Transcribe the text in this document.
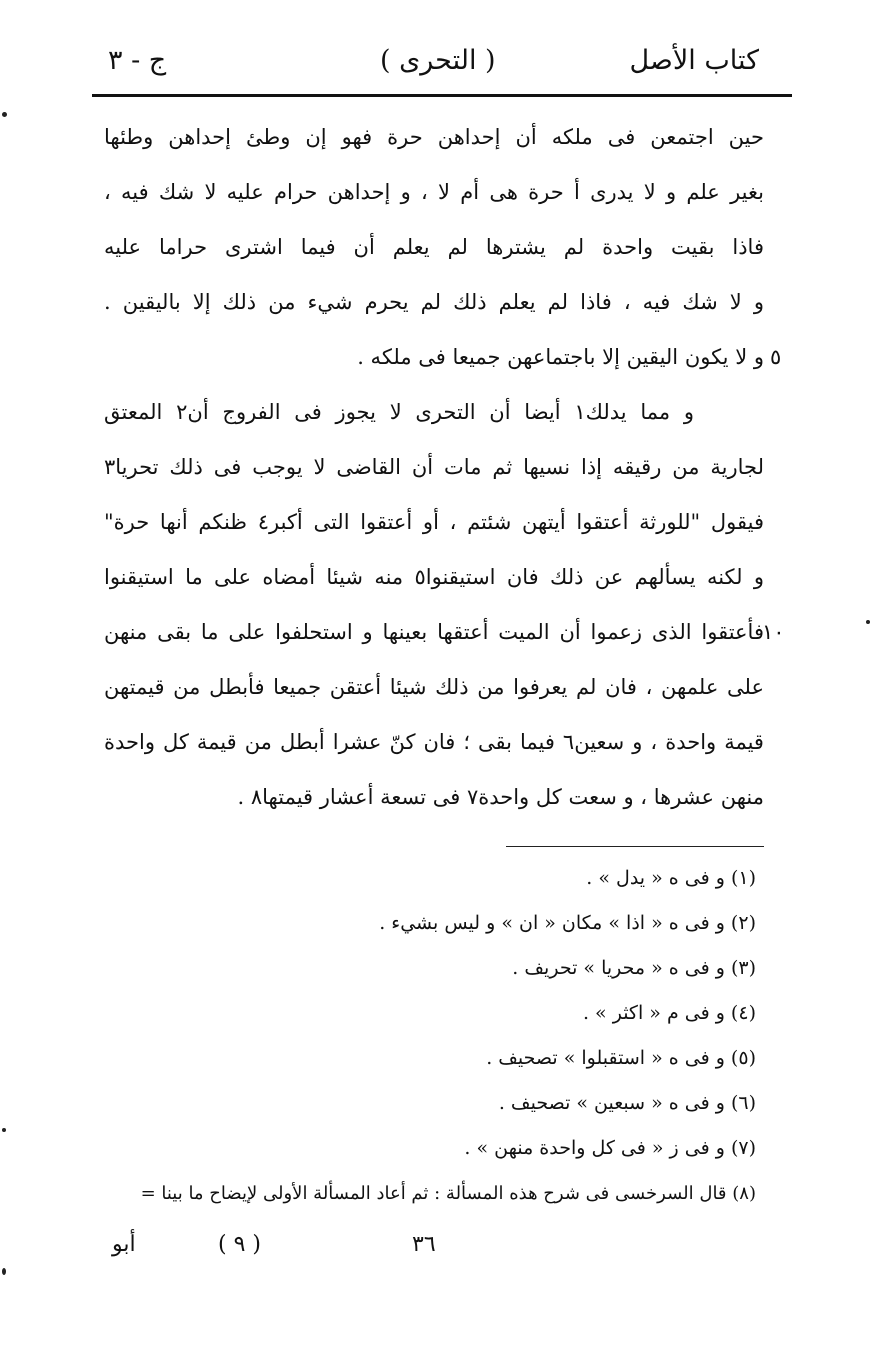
كتاب الأصل
( التحرى )
ج - ٣
حين اجتمعن فى ملكه أن إحداهن حرة فهو إن وطئ إحداهن وطئها
بغير علم و لا يدرى أ حرة هى أم لا ، و إحداهن حرام عليه لا شك فيه ،
فاذا بقيت واحدة لم يشترها لم يعلم أن فيما اشترى حراما عليه
و لا شك فيه ، فاذا لم يعلم ذلك لم يحرم شيء من ذلك إلا باليقين .
و لا يكون اليقين إلا باجتماعهن جميعا فى ملكه .
و مما يدلك١ أيضا أن التحرى لا يجوز فى الفروج أن٢ المعتق
لجارية من رقيقه إذا نسيها ثم مات أن القاضى لا يوجب فى ذلك تحريا٣
فيقول "للورثة أعتقوا أيتهن شئتم ، أو أعتقوا التى أكبر٤ ظنكم أنها حرة"
و لكنه يسألهم عن ذلك فان استيقنوا٥ منه شيئا أمضاه على ما استيقنوا
فأعتقوا الذى زعموا أن الميت أعتقها بعينها و استحلفوا على ما بقى منهن
على علمهن ، فان لم يعرفوا من ذلك شيئا أعتقن جميعا فأبطل من قيمتهن
قيمة واحدة ، و سعين٦ فيما بقى ؛ فان كنّ عشرا أبطل من قيمة كل واحدة
منهن عشرها ، و سعت كل واحدة٧ فى تسعة أعشار قيمتها٨ .
٥
١٠
(١) و فى ه « يدل » .
(٢) و فى ه « اذا » مكان « ان » و ليس بشيء .
(٣) و فى ه « محريا » تحريف .
(٤) و فى م « اكثر » .
(٥) و فى ه « استقبلوا » تصحيف .
(٦) و فى ه « سبعين » تصحيف .
(٧) و فى ز « فى كل واحدة منهن » .
(٨) قال السرخسى فى شرح هذه المسألة : ثم أعاد المسألة الأولى لإيضاح ما بينا =
٣٦
( ٩ )
أبو
